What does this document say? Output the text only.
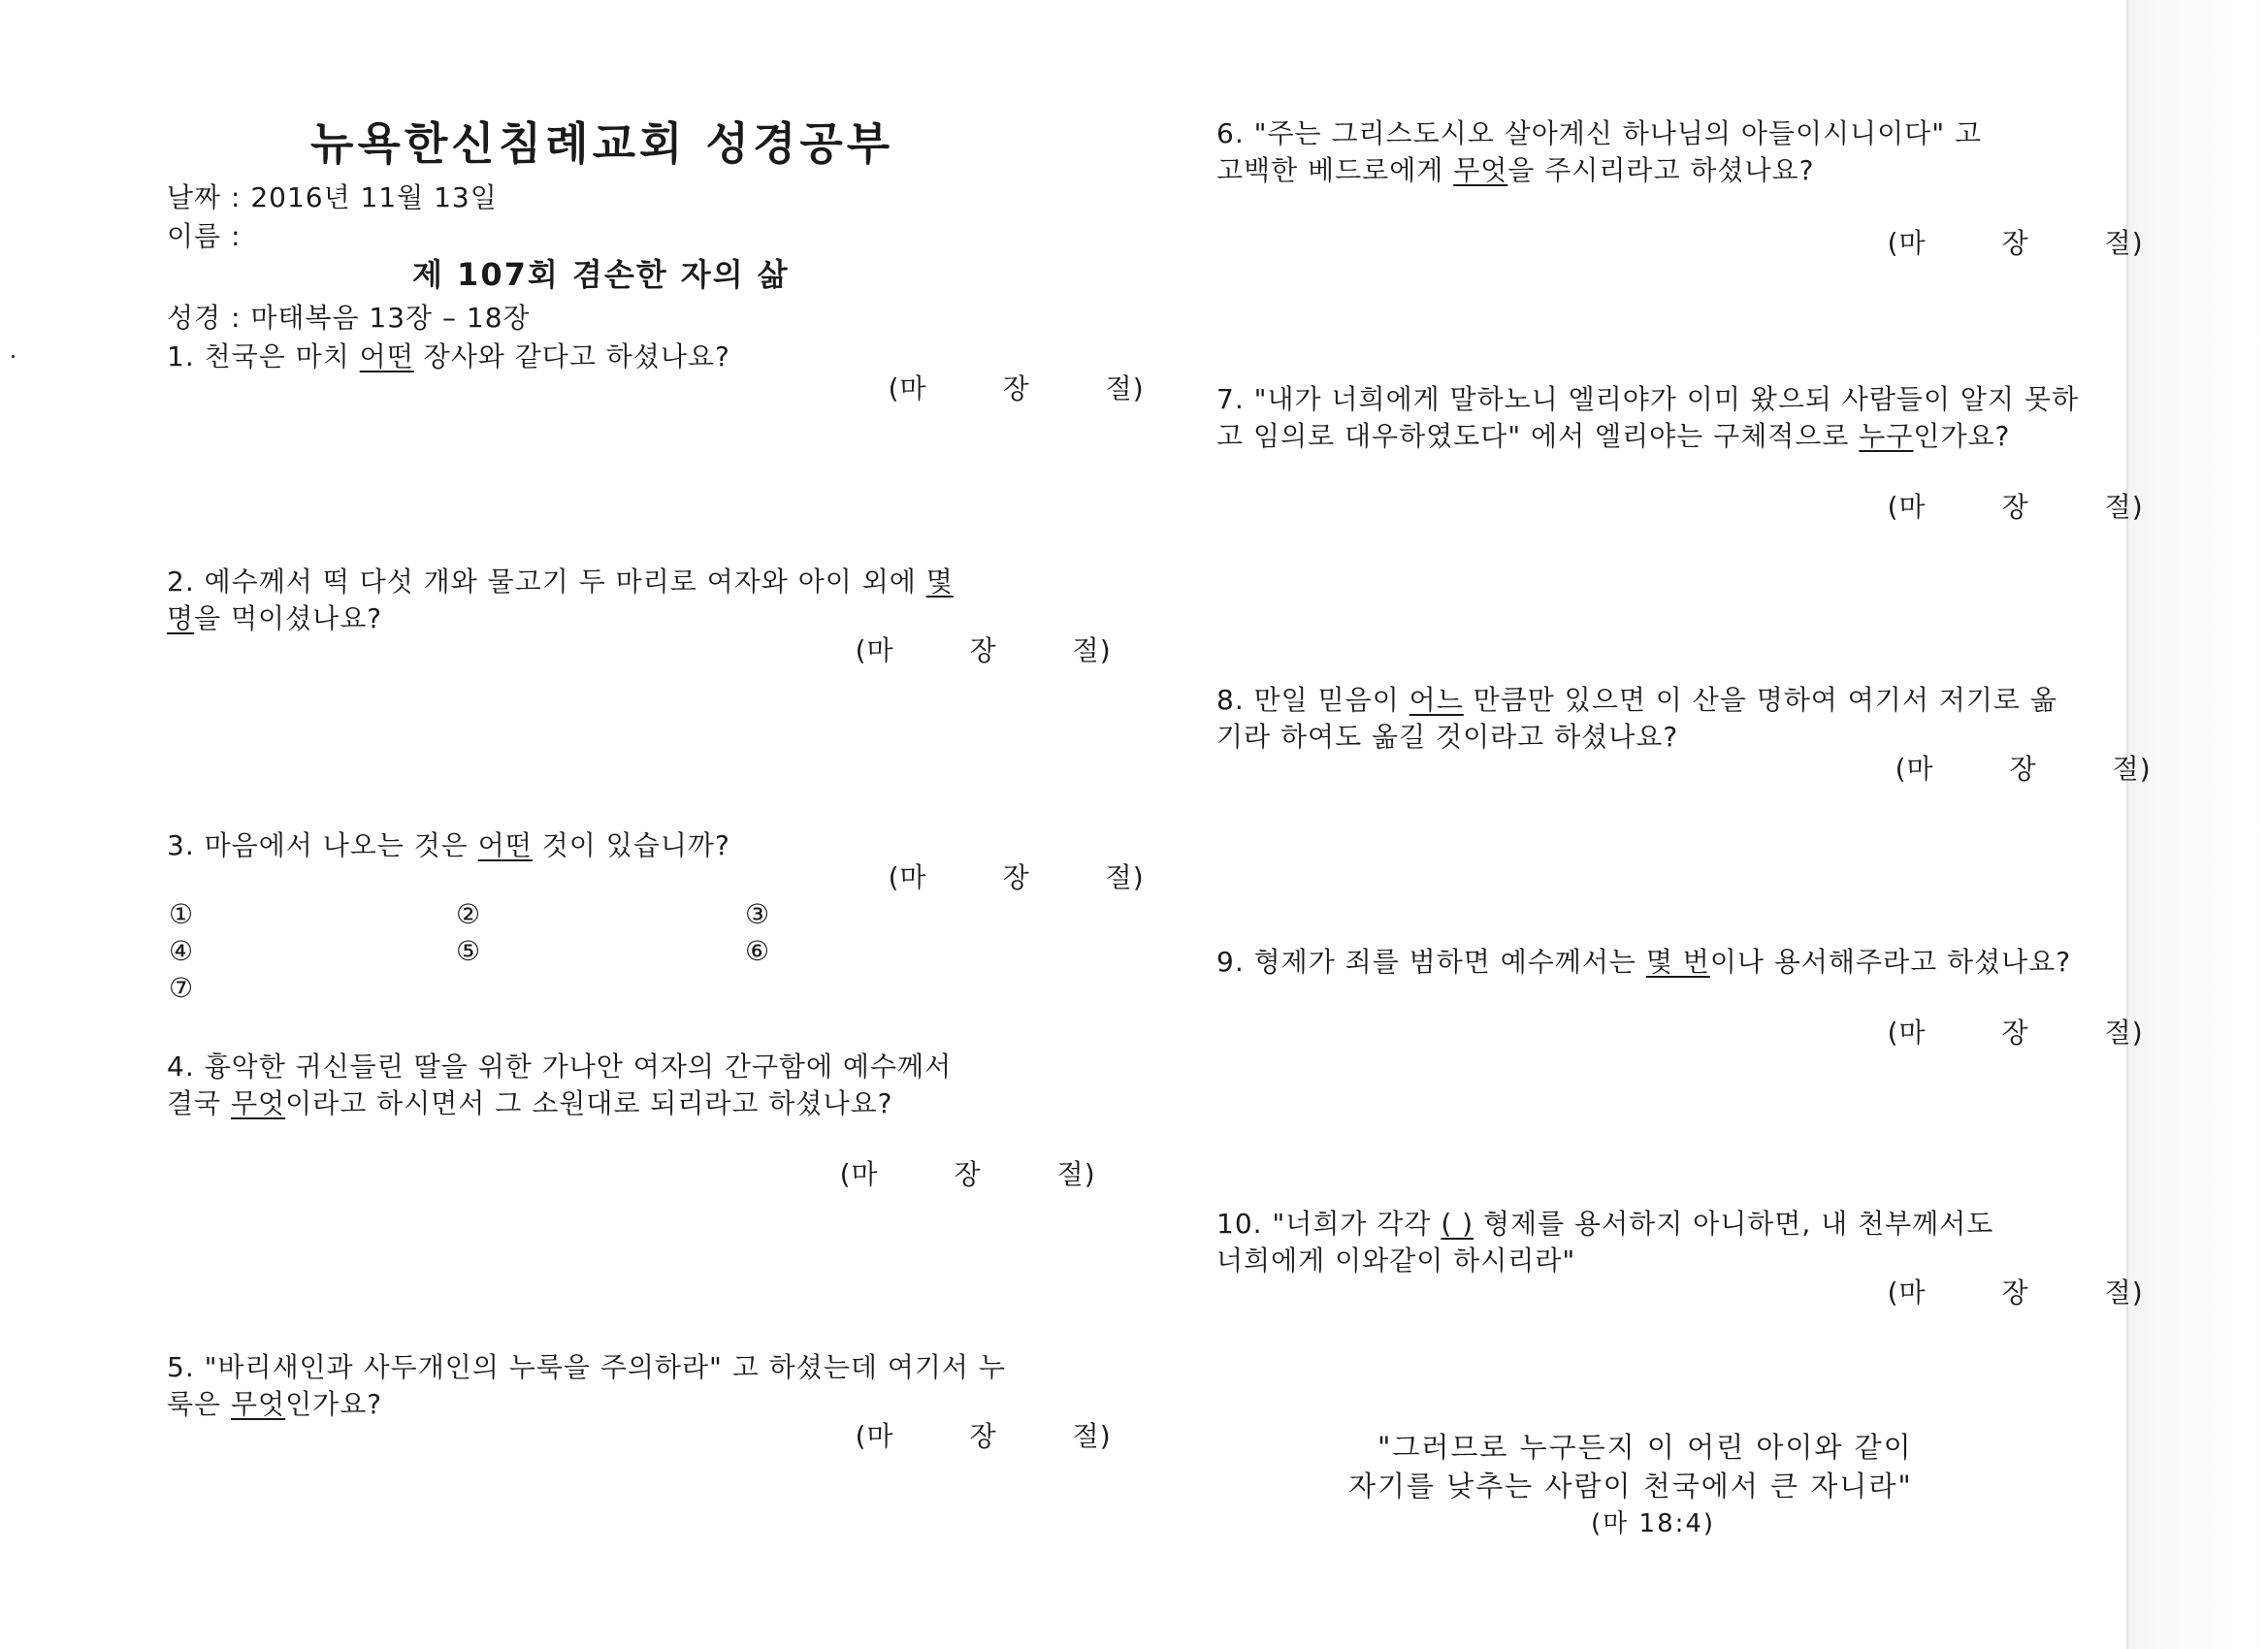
뉴욕한신침례교회 성경공부
날짜 : 2016년 11월 13일
이름 :
제 107회 겸손한 자의 삶
성경 : 마태복음 13장 – 18장
1. 천국은 마치 어떤 장사와 같다고 하셨나요?

(마	장	절)

2. 예수께서 떡 다섯 개와 물고기 두 마리로 여자와 아이 외에 몇
명을 먹이셨나요?

(마	장	절)

3. 마음에서 나오는 것은 어떤 것이 있습니까?

(마	장	절)

①	②	③
④	⑤	⑥
⑦
4. 흉악한 귀신들린 딸을 위한 가나안 여자의 간구함에 예수께서
결국 무엇이라고 하시면서 그 소원대로 되리라고 하셨나요?

(마	장	절)

5. "바리새인과 사두개인의 누룩을 주의하라" 고 하셨는데 여기서 누
룩은 무엇인가요?

(마	장	절)

6. "주는 그리스도시오 살아계신 하나님의 아들이시니이다" 고
고백한 베드로에게 무엇을 주시리라고 하셨나요?

(마	장	절)

7. "내가 너희에게 말하노니 엘리야가 이미 왔으되 사람들이 알지 못하
고 임의로 대우하였도다" 에서 엘리야는 구체적으로 누구인가요?

(마	장	절)

8. 만일 믿음이 어느 만큼만 있으면 이 산을 명하여 여기서 저기로 옮
기라 하여도 옮길 것이라고 하셨나요?

(마	장	절)

9. 형제가 죄를 범하면 예수께서는 몇 번이나 용서해주라고 하셨나요?

(마	장	절)

10. "너희가 각각 ( ) 형제를 용서하지 아니하면, 내 천부께서도
너희에게 이와같이 하시리라"

(마	장	절)

"그러므로 누구든지 이 어린 아이와 같이
자기를 낮추는 사람이 천국에서 큰 자니라"
(마 18:4)
